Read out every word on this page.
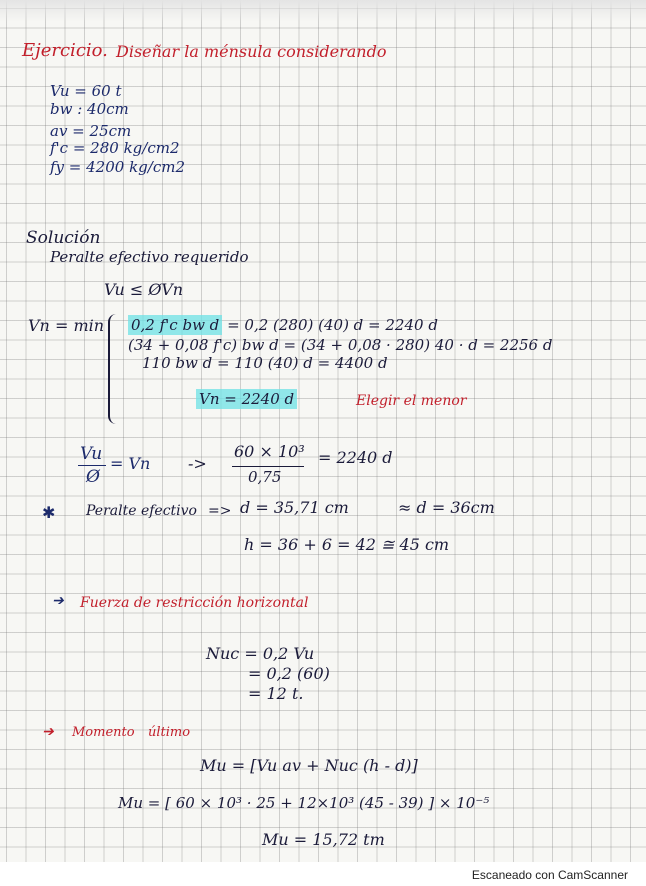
Ejercicio. Diseñar la ménsula considerando
Vu = 60 t
bw : 40cm
av = 25cm
f'c = 280 kg/cm2
fy = 4200 kg/cm2
Solución
Peralte efectivo requerido
Vu ≤ ØVn
Vn = min 0,2 f'c bw d = 0,2 (280) (40) d = 2240 d
(34 + 0,08 f'c) bw d = (34 + 0,08 · 280) 40 · d = 2256 d
110 bw d = 110 (40) d = 4400 d
Vn = 2240 d	Elegir el menor
Vu
Ø
= Vn ->
60 × 10³
0,75
= 2240 d
✱ Peralte efectivo => d = 35,71 cm	≈ d = 36cm
h = 36 + 6 = 42 ≅ 45 cm
➔ Fuerza de restricción horizontal
Nuc = 0,2 Vu
= 0,2 (60)
= 12 t.
➔ Momento último
Mu = [Vu av + Nuc (h - d)]
Mu = [ 60 × 10³ · 25 + 12×10³ (45 - 39) ] × 10⁻⁵
Mu = 15,72 tm
Escaneado con CamScanner
